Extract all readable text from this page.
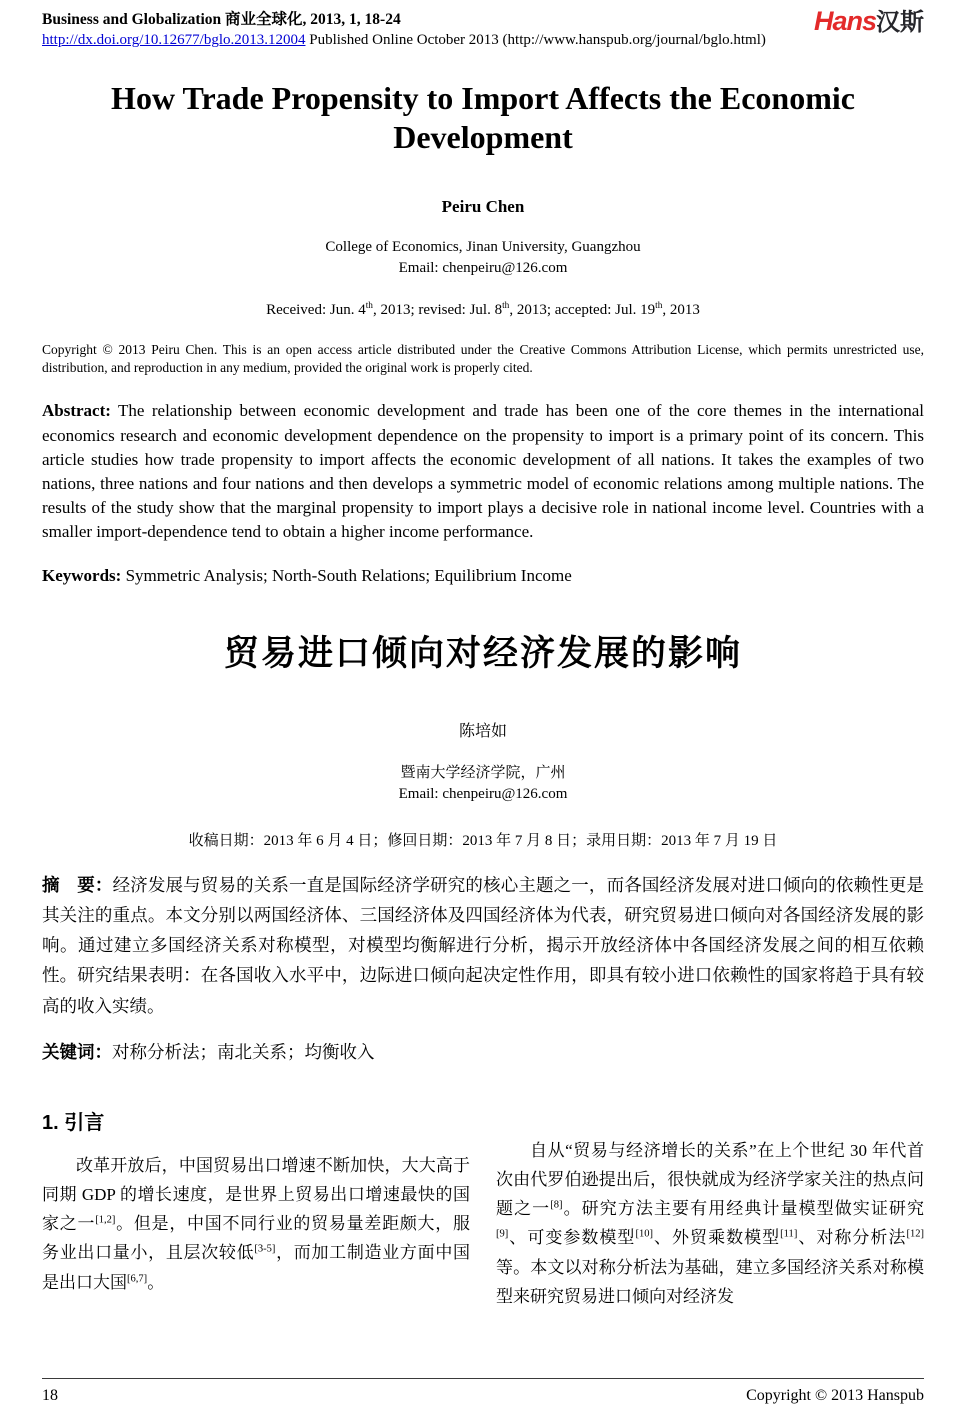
Business and Globalization 商业全球化, 2013, 1, 18-24
http://dx.doi.org/10.12677/bglo.2013.12004 Published Online October 2013 (http://www.hanspub.org/journal/bglo.html)
Hans汉斯
How Trade Propensity to Import Affects the Economic
Development
Peiru Chen
College of Economics, Jinan University, Guangzhou
Email: chenpeiru@126.com
Received: Jun. 4th, 2013; revised: Jul. 8th, 2013; accepted: Jul. 19th, 2013

Copyright © 2013 Peiru Chen. This is an open access article distributed under the Creative Commons Attribution License, which permits unrestricted use, distribution, and reproduction in any medium, provided the original work is properly cited.

Abstract: The relationship between economic development and trade has been one of the core themes in the international economics research and economic development dependence on the propensity to import is a primary point of its concern. This article studies how trade propensity to import affects the economic development of all nations. It takes the examples of two nations, three nations and four nations and then develops a symmetric model of economic relations among multiple nations. The results of the study show that the marginal propensity to import plays a decisive role in national income level. Countries with a smaller import-dependence tend to obtain a higher income performance.

Keywords: Symmetric Analysis; North-South Relations; Equilibrium Income

贸易进口倾向对经济发展的影响
陈培如
暨南大学经济学院，广州
Email: chenpeiru@126.com
收稿日期：2013 年 6 月 4 日；修回日期：2013 年 7 月 8 日；录用日期：2013 年 7 月 19 日

摘　要：经济发展与贸易的关系一直是国际经济学研究的核心主题之一，而各国经济发展对进口倾向的依赖性更是其关注的重点。本文分别以两国经济体、三国经济体及四国经济体为代表，研究贸易进口倾向对各国经济发展的影响。通过建立多国经济关系对称模型，对模型均衡解进行分析，揭示开放经济体中各国经济发展之间的相互依赖性。研究结果表明：在各国收入水平中，边际进口倾向起决定性作用，即具有较小进口依赖性的国家将趋于具有较高的收入实绩。

关键词：对称分析法；南北关系；均衡收入

1. 引言

改革开放后，中国贸易出口增速不断加快，大大高于同期 GDP 的增长速度，是世界上贸易出口增速最快的国家之一[1,2]。但是，中国不同行业的贸易量差距颇大，服务业出口量小，且层次较低[3-5]，而加工制造业方面中国是出口大国[6,7]。

自从“贸易与经济增长的关系”在上个世纪 30 年代首次由代罗伯逊提出后，很快就成为经济学家关注的热点问题之一[8]。研究方法主要有用经典计量模型做实证研究[9]、可变参数模型[10]、外贸乘数模型[11]、对称分析法[12]等。本文以对称分析法为基础，建立多国经济关系对称模型来研究贸易进口倾向对经济发

18	Copyright © 2013 Hanspub
